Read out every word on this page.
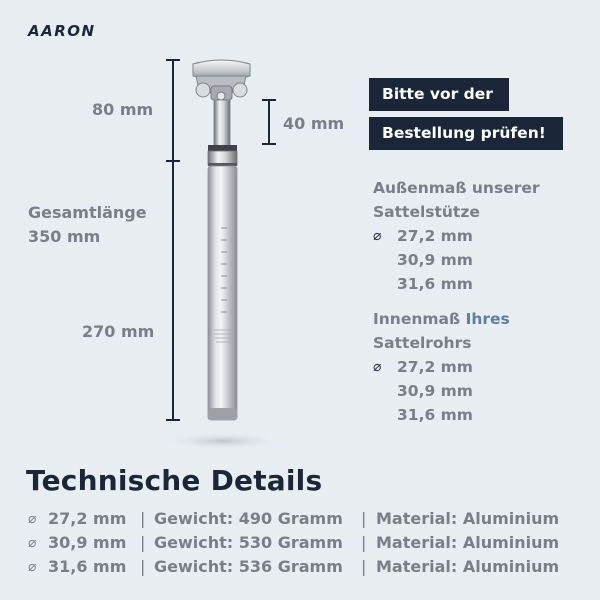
AARON
80 mm
40 mm
Gesamtlänge
350 mm
270 mm
Bitte vor der
Bestellung prüfen!
Außenmaß unserer
Sattelstütze
⌀	27,2 mm
30,9 mm
31,6 mm
Innenmaß Ihres
Sattelrohrs
⌀	27,2 mm
30,9 mm
31,6 mm
Technische Details
⌀ 27,2 mm | Gewicht: 490 Gramm | Material: Aluminium
⌀ 30,9 mm | Gewicht: 530 Gramm | Material: Aluminium
⌀ 31,6 mm | Gewicht: 536 Gramm | Material: Aluminium
